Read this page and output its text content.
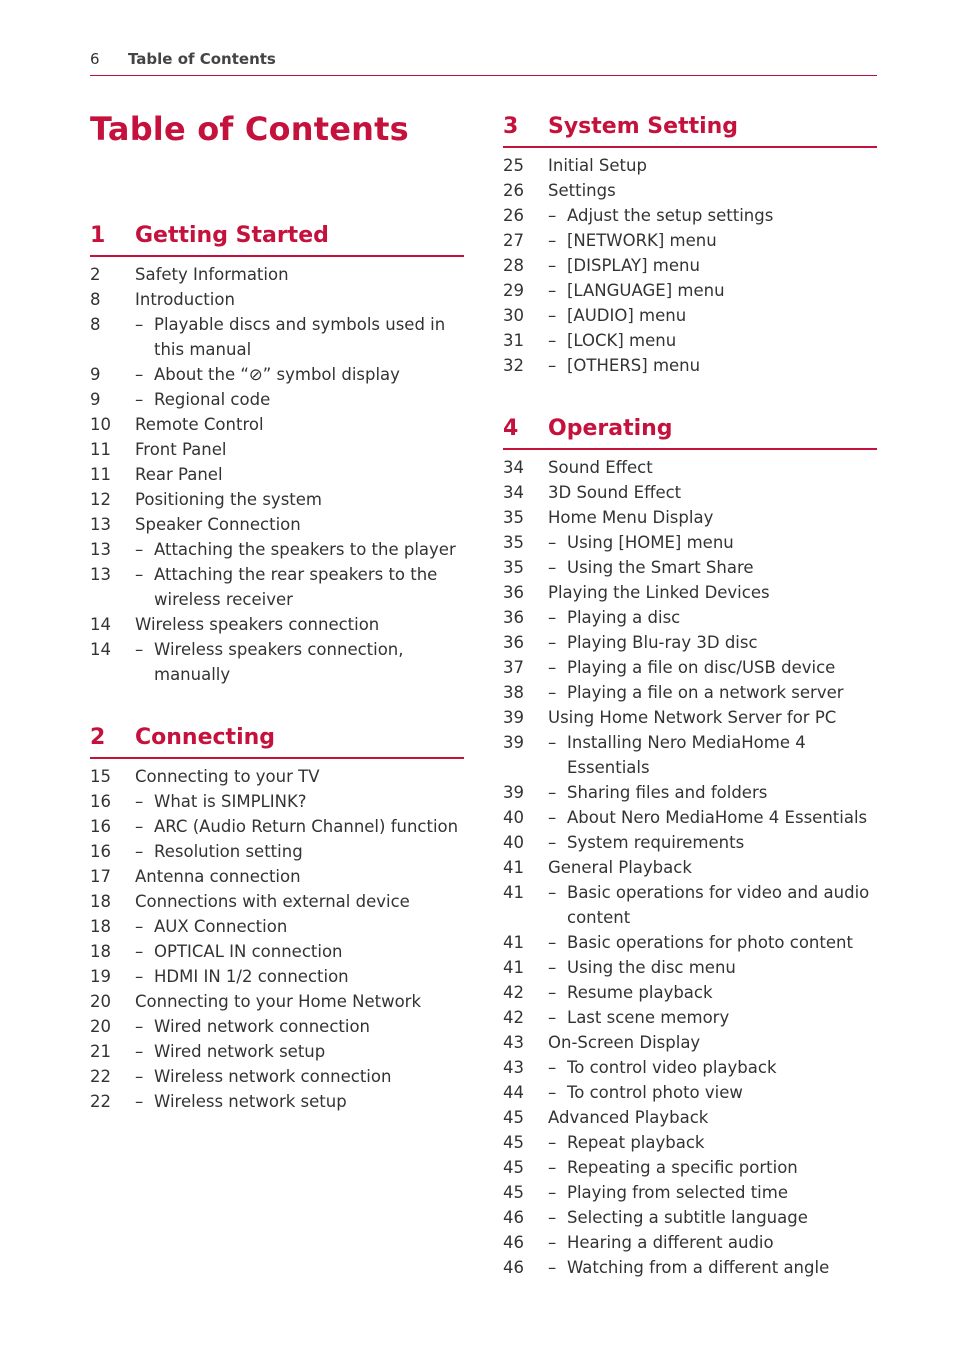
6 Table of Contents
Table of Contents
1 Getting Started
2	Safety Information
8	Introduction
8	– Playable discs and symbols used in this manual
9	– About the “⊘” symbol display
9	– Regional code
10	Remote Control
11	Front Panel
11	Rear Panel
12	Positioning the system
13	Speaker Connection
13	– Attaching the speakers to the player
13	– Attaching the rear speakers to the wireless receiver
14	Wireless speakers connection
14	– Wireless speakers connection, manually
2 Connecting
15	Connecting to your TV
16	– What is SIMPLINK?
16	– ARC (Audio Return Channel) function
16	– Resolution setting
17	Antenna connection
18	Connections with external device
18	– AUX Connection
18	– OPTICAL IN connection
19	– HDMI IN 1/2 connection
20	Connecting to your Home Network
20	– Wired network connection
21	– Wired network setup
22	– Wireless network connection
22	– Wireless network setup
3 System Setting
25	Initial Setup
26	Settings
26	– Adjust the setup settings
27	– [NETWORK] menu
28	– [DISPLAY] menu
29	– [LANGUAGE] menu
30	– [AUDIO] menu
31	– [LOCK] menu
32	– [OTHERS] menu
4 Operating
34	Sound Effect
34	3D Sound Effect
35	Home Menu Display
35	– Using [HOME] menu
35	– Using the Smart Share
36	Playing the Linked Devices
36	– Playing a disc
36	– Playing Blu-ray 3D disc
37	– Playing a file on disc/USB device
38	– Playing a file on a network server
39	Using Home Network Server for PC
39	– Installing Nero MediaHome 4 Essentials
39	– Sharing files and folders
40	– About Nero MediaHome 4 Essentials
40	– System requirements
41	General Playback
41	– Basic operations for video and audio content
41	– Basic operations for photo content
41	– Using the disc menu
42	– Resume playback
42	– Last scene memory
43	On-Screen Display
43	– To control video playback
44	– To control photo view
45	Advanced Playback
45	– Repeat playback
45	– Repeating a specific portion
45	– Playing from selected time
46	– Selecting a subtitle language
46	– Hearing a different audio
46	– Watching from a different angle
